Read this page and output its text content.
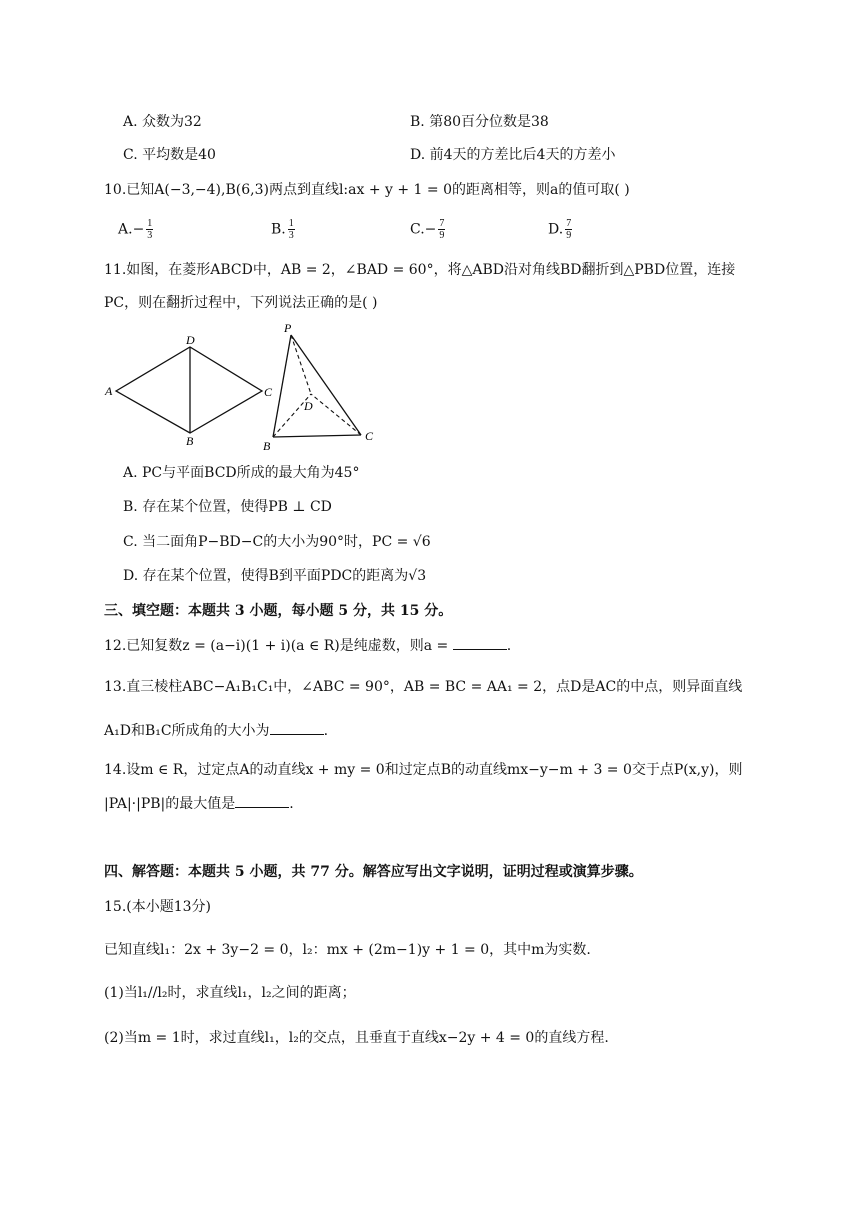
A. 众数为32	B. 第80百分位数是38
C. 平均数是40	D. 前4天的方差比后4天的方差小
10.已知A(−3,−4),B(6,3)两点到直线l:ax + y + 1 = 0的距离相等，则a的值可取( )
$A.- \frac{1}{3}$	B. $\frac{1}{3}$	$C.- \frac{7}{9}$	D. $\frac{7}{9}$
11.如图，在菱形ABCD中，AB = 2，∠BAD = 60°，将△ABD沿对角线BD翻折到△PBD位置，连接
PC，则在翻折过程中，下列说法正确的是( )
A
D
C
B
P
D
B
C
A. PC与平面BCD所成的最大角为45°
B. 存在某个位置，使得PB ⊥ CD
C. 当二面角P−BD−C的大小为90°时，PC = √6
D. 存在某个位置，使得B到平面PDC的距离为√3
三、填空题：本题共 3 小题，每小题 5 分，共 15 分。
12.已知复数z = (a−i)(1 + i)(a ∈ R)是纯虚数，则a =	.
13.直三棱柱ABC−A₁B₁C₁中，∠ABC = 90°，AB = BC = AA₁ = 2，点D是AC的中点，则异面直线
A₁D和B₁C所成角的大小为	.
14.设m ∈ R，过定点A的动直线x + my = 0和过定点B的动直线mx−y−m + 3 = 0交于点P(x,y)，则
|PA|·|PB|的最大值是	.
四、解答题：本题共 5 小题，共 77 分。解答应写出文字说明，证明过程或演算步骤。
15.(本小题13分)
已知直线l₁：2x + 3y−2 = 0，l₂：mx + (2m−1)y + 1 = 0，其中m为实数.
(1)当l₁//l₂时，求直线l₁，l₂之间的距离；
(2)当m = 1时，求过直线l₁，l₂的交点，且垂直于直线x−2y + 4 = 0的直线方程.
